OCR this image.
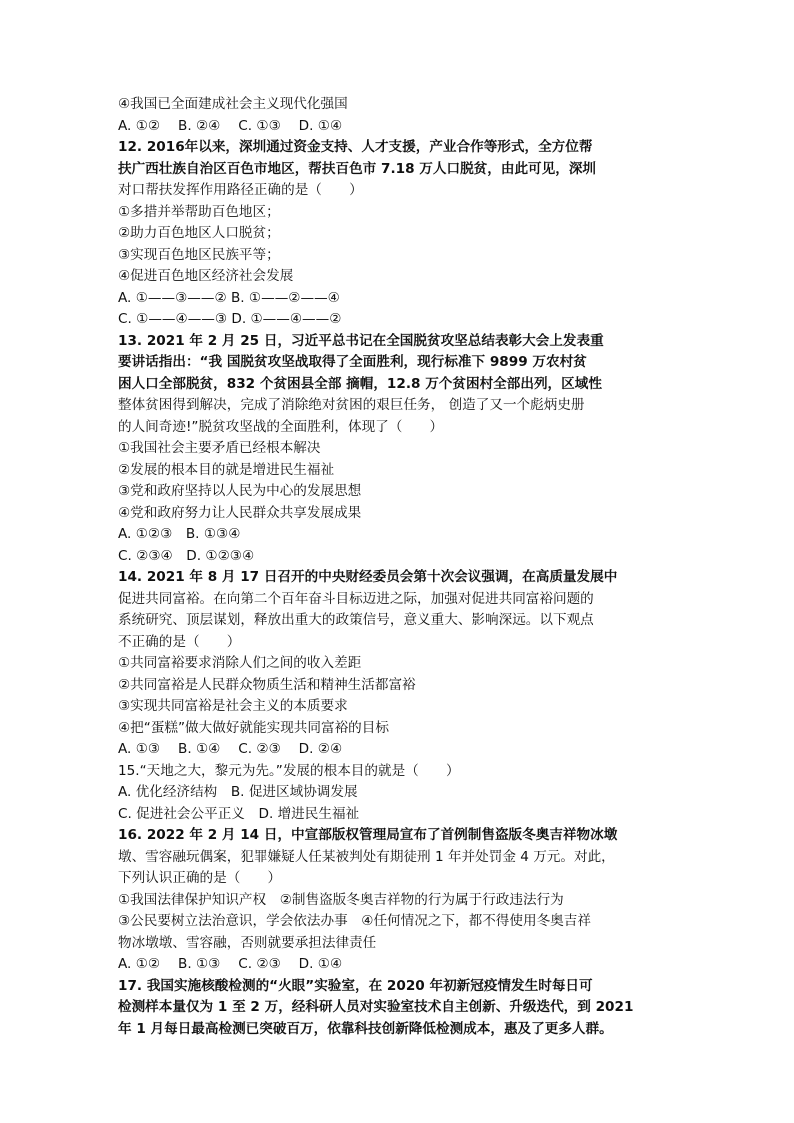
④我国已全面建成社会主义现代化强国
A. ①②　 B. ②④　 C. ①③　 D. ①④
12. 2016年以来，深圳通过资金支持、人才支援，产业合作等形式，全方位帮
扶广西壮族自治区百色市地区，帮扶百色市 7.18 万人口脱贫，由此可见，深圳
对口帮扶发挥作用路径正确的是（　　）
①多措并举帮助百色地区；
②助力百色地区人口脱贫；
③实现百色地区民族平等；
④促进百色地区经济社会发展
A. ①——③——② B. ①——②——④
C. ①——④——③ D. ①——④——②
13. 2021 年 2 月 25 日，习近平总书记在全国脱贫攻坚总结表彰大会上发表重
要讲话指出：“我 国脱贫攻坚战取得了全面胜利，现行标准下 9899 万农村贫
困人口全部脱贫，832 个贫困县全部 摘帽，12.8 万个贫困村全部出列，区域性
整体贫困得到解决，完成了消除绝对贫困的艰巨任务， 创造了又一个彪炳史册
的人间奇迹!”脱贫攻坚战的全面胜利，体现了（　　）
①我国社会主要矛盾已经根本解决
②发展的根本目的就是增进民生福祉
③党和政府坚持以人民为中心的发展思想
④党和政府努力让人民群众共享发展成果
A. ①②③　B. ①③④
C. ②③④　D. ①②③④
14. 2021 年 8 月 17 日召开的中央财经委员会第十次会议强调，在高质量发展中
促进共同富裕。在向第二个百年奋斗目标迈进之际，加强对促进共同富裕问题的
系统研究、顶层谋划，释放出重大的政策信号，意义重大、影响深远。以下观点
不正确的是（　　）
①共同富裕要求消除人们之间的收入差距
②共同富裕是人民群众物质生活和精神生活都富裕
③实现共同富裕是社会主义的本质要求
④把“蛋糕”做大做好就能实现共同富裕的目标
A. ①③　 B. ①④　 C. ②③　 D. ②④
15.“天地之大，黎元为先。”发展的根本目的就是（　　）
A. 优化经济结构　B. 促进区域协调发展
C. 促进社会公平正义　D. 增进民生福祉
16. 2022 年 2 月 14 日，中宣部版权管理局宣布了首例制售盗版冬奥吉祥物冰墩
墩、雪容融玩偶案，犯罪嫌疑人任某被判处有期徒刑 1 年并处罚金 4 万元。对此，
下列认识正确的是（　　）
①我国法律保护知识产权　②制售盗版冬奥吉祥物的行为属于行政违法行为
③公民要树立法治意识，学会依法办事　④任何情况之下，都不得使用冬奥吉祥
物冰墩墩、雪容融，否则就要承担法律责任
A. ①②　 B. ①③　 C. ②③　 D. ①④
17. 我国实施核酸检测的“火眼”实验室，在 2020 年初新冠疫情发生时每日可
检测样本量仅为 1 至 2 万，经科研人员对实验室技术自主创新、升级迭代，到 2021
年 1 月每日最高检测已突破百万，依靠科技创新降低检测成本，惠及了更多人群。
